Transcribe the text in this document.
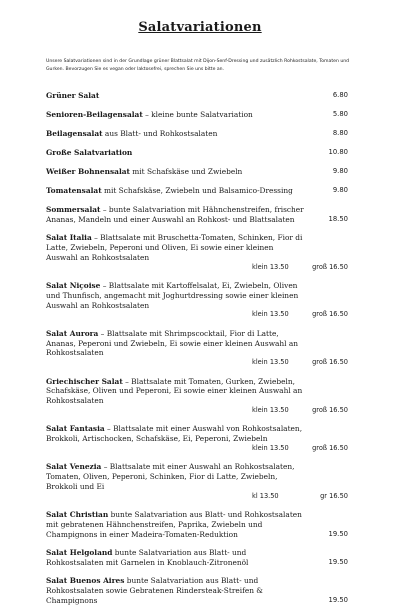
Salatvariationen
Unsere Salatvariationen sind in der Grundlage grüner Blattsalat mit Dijon-Senf-Dressing und zusätzlich Rohkostsalate, Tomaten und Gurken. Bevorzugen Sie es vegan oder laktosefrei, sprechen Sie uns bitte an.
Grüner Salat	6.80
Senioren-Beilagensalat – kleine bunte Salatvariation	5.80
Beilagensalat aus Blatt- und Rohkostsalaten	8.80
Große Salatvariation	10.80
Weißer Bohnensalat mit Schafskäse und Zwiebeln	9.80
Tomatensalat mit Schafskäse, Zwiebeln und Balsamico-Dressing	9.80
Sommersalat – bunte Salatvariation mit Hähnchenstreifen, frischer Ananas, Mandeln und einer Auswahl an Rohkost- und Blattsalaten	18.50
Salat Italia – Blattsalate mit Bruschetta-Tomaten, Schinken, Fior di Latte, Zwiebeln, Peperoni und Oliven, Ei sowie einer kleinen Auswahl an Rohkostsalaten
klein 13.50	groß 16.50
Salat Niçoise – Blattsalate mit Kartoffelsalat, Ei, Zwiebeln, Oliven und Thunfisch, angemacht mit Joghurtdressing sowie einer kleinen Auswahl an Rohkostsalaten
klein 13.50	groß 16.50
Salat Aurora – Blattsalate mit Shrimpscocktail, Fior di Latte, Ananas, Peperoni und Zwiebeln, Ei sowie einer kleinen Auswahl an Rohkostsalaten
klein 13.50	groß 16.50
Griechischer Salat – Blattsalate mit Tomaten, Gurken, Zwiebeln, Schafskäse, Oliven und Peperoni, Ei sowie einer kleinen Auswahl an Rohkostsalaten
klein 13.50	groß 16.50
Salat Fantasia – Blattsalate mit einer Auswahl von Rohkostsalaten, Brokkoli, Artischocken, Schafskäse, Ei, Peperoni, Zwiebeln
klein 13.50	groß 16.50
Salat Venezia – Blattsalate mit einer Auswahl an Rohkostsalaten, Tomaten, Oliven, Peperoni, Schinken, Fior di Latte, Zwiebeln, Brokkoli und Ei
kl 13.50	gr 16.50
Salat Christian bunte Salatvariation aus Blatt- und Rohkostsalaten mit gebratenen Hähnchenstreifen, Paprika, Zwiebeln und Champignons in einer Madeira-Tomaten-Reduktion	19.50
Salat Helgoland bunte Salatvariation aus Blatt- und Rohkostsalaten mit Garnelen in Knoblauch-Zitronenöl	19.50
Salat Buenos Aires bunte Salatvariation aus Blatt- und Rohkostsalaten sowie Gebratenen Rindersteak-Streifen & Champignons	19.50
